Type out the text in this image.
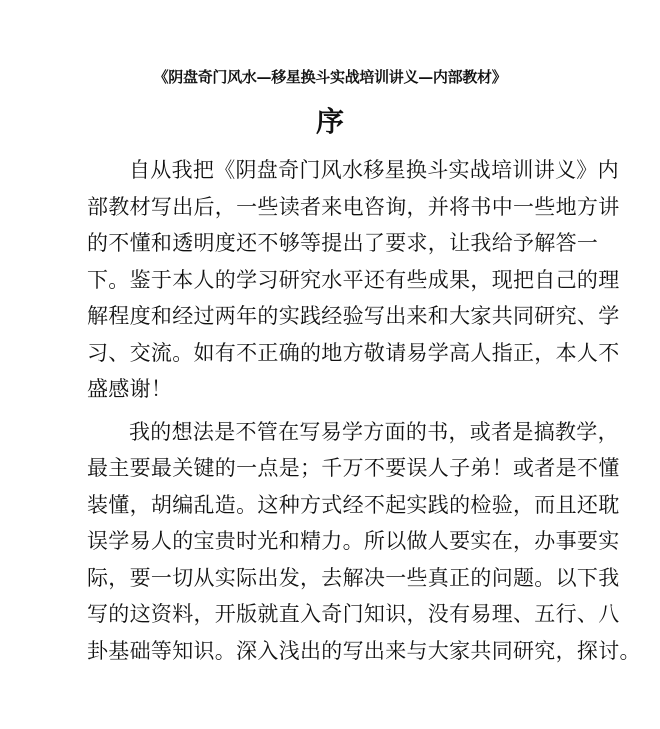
《阴盘奇门风水—移星换斗实战培训讲义—内部教材》
序
自从我把《阴盘奇门风水移星换斗实战培训讲义》内
部教材写出后，一些读者来电咨询，并将书中一些地方讲
的不懂和透明度还不够等提出了要求，让我给予解答一
下。鉴于本人的学习研究水平还有些成果，现把自己的理
解程度和经过两年的实践经验写出来和大家共同研究、学
习、交流。如有不正确的地方敬请易学高人指正，本人不
盛感谢！
我的想法是不管在写易学方面的书，或者是搞教学，
最主要最关键的一点是；千万不要误人子弟！或者是不懂
装懂，胡编乱造。这种方式经不起实践的检验，而且还耽
误学易人的宝贵时光和精力。所以做人要实在，办事要实
际，要一切从实际出发，去解决一些真正的问题。以下我
写的这资料，开版就直入奇门知识，没有易理、五行、八
卦基础等知识。深入浅出的写出来与大家共同研究，探讨。
